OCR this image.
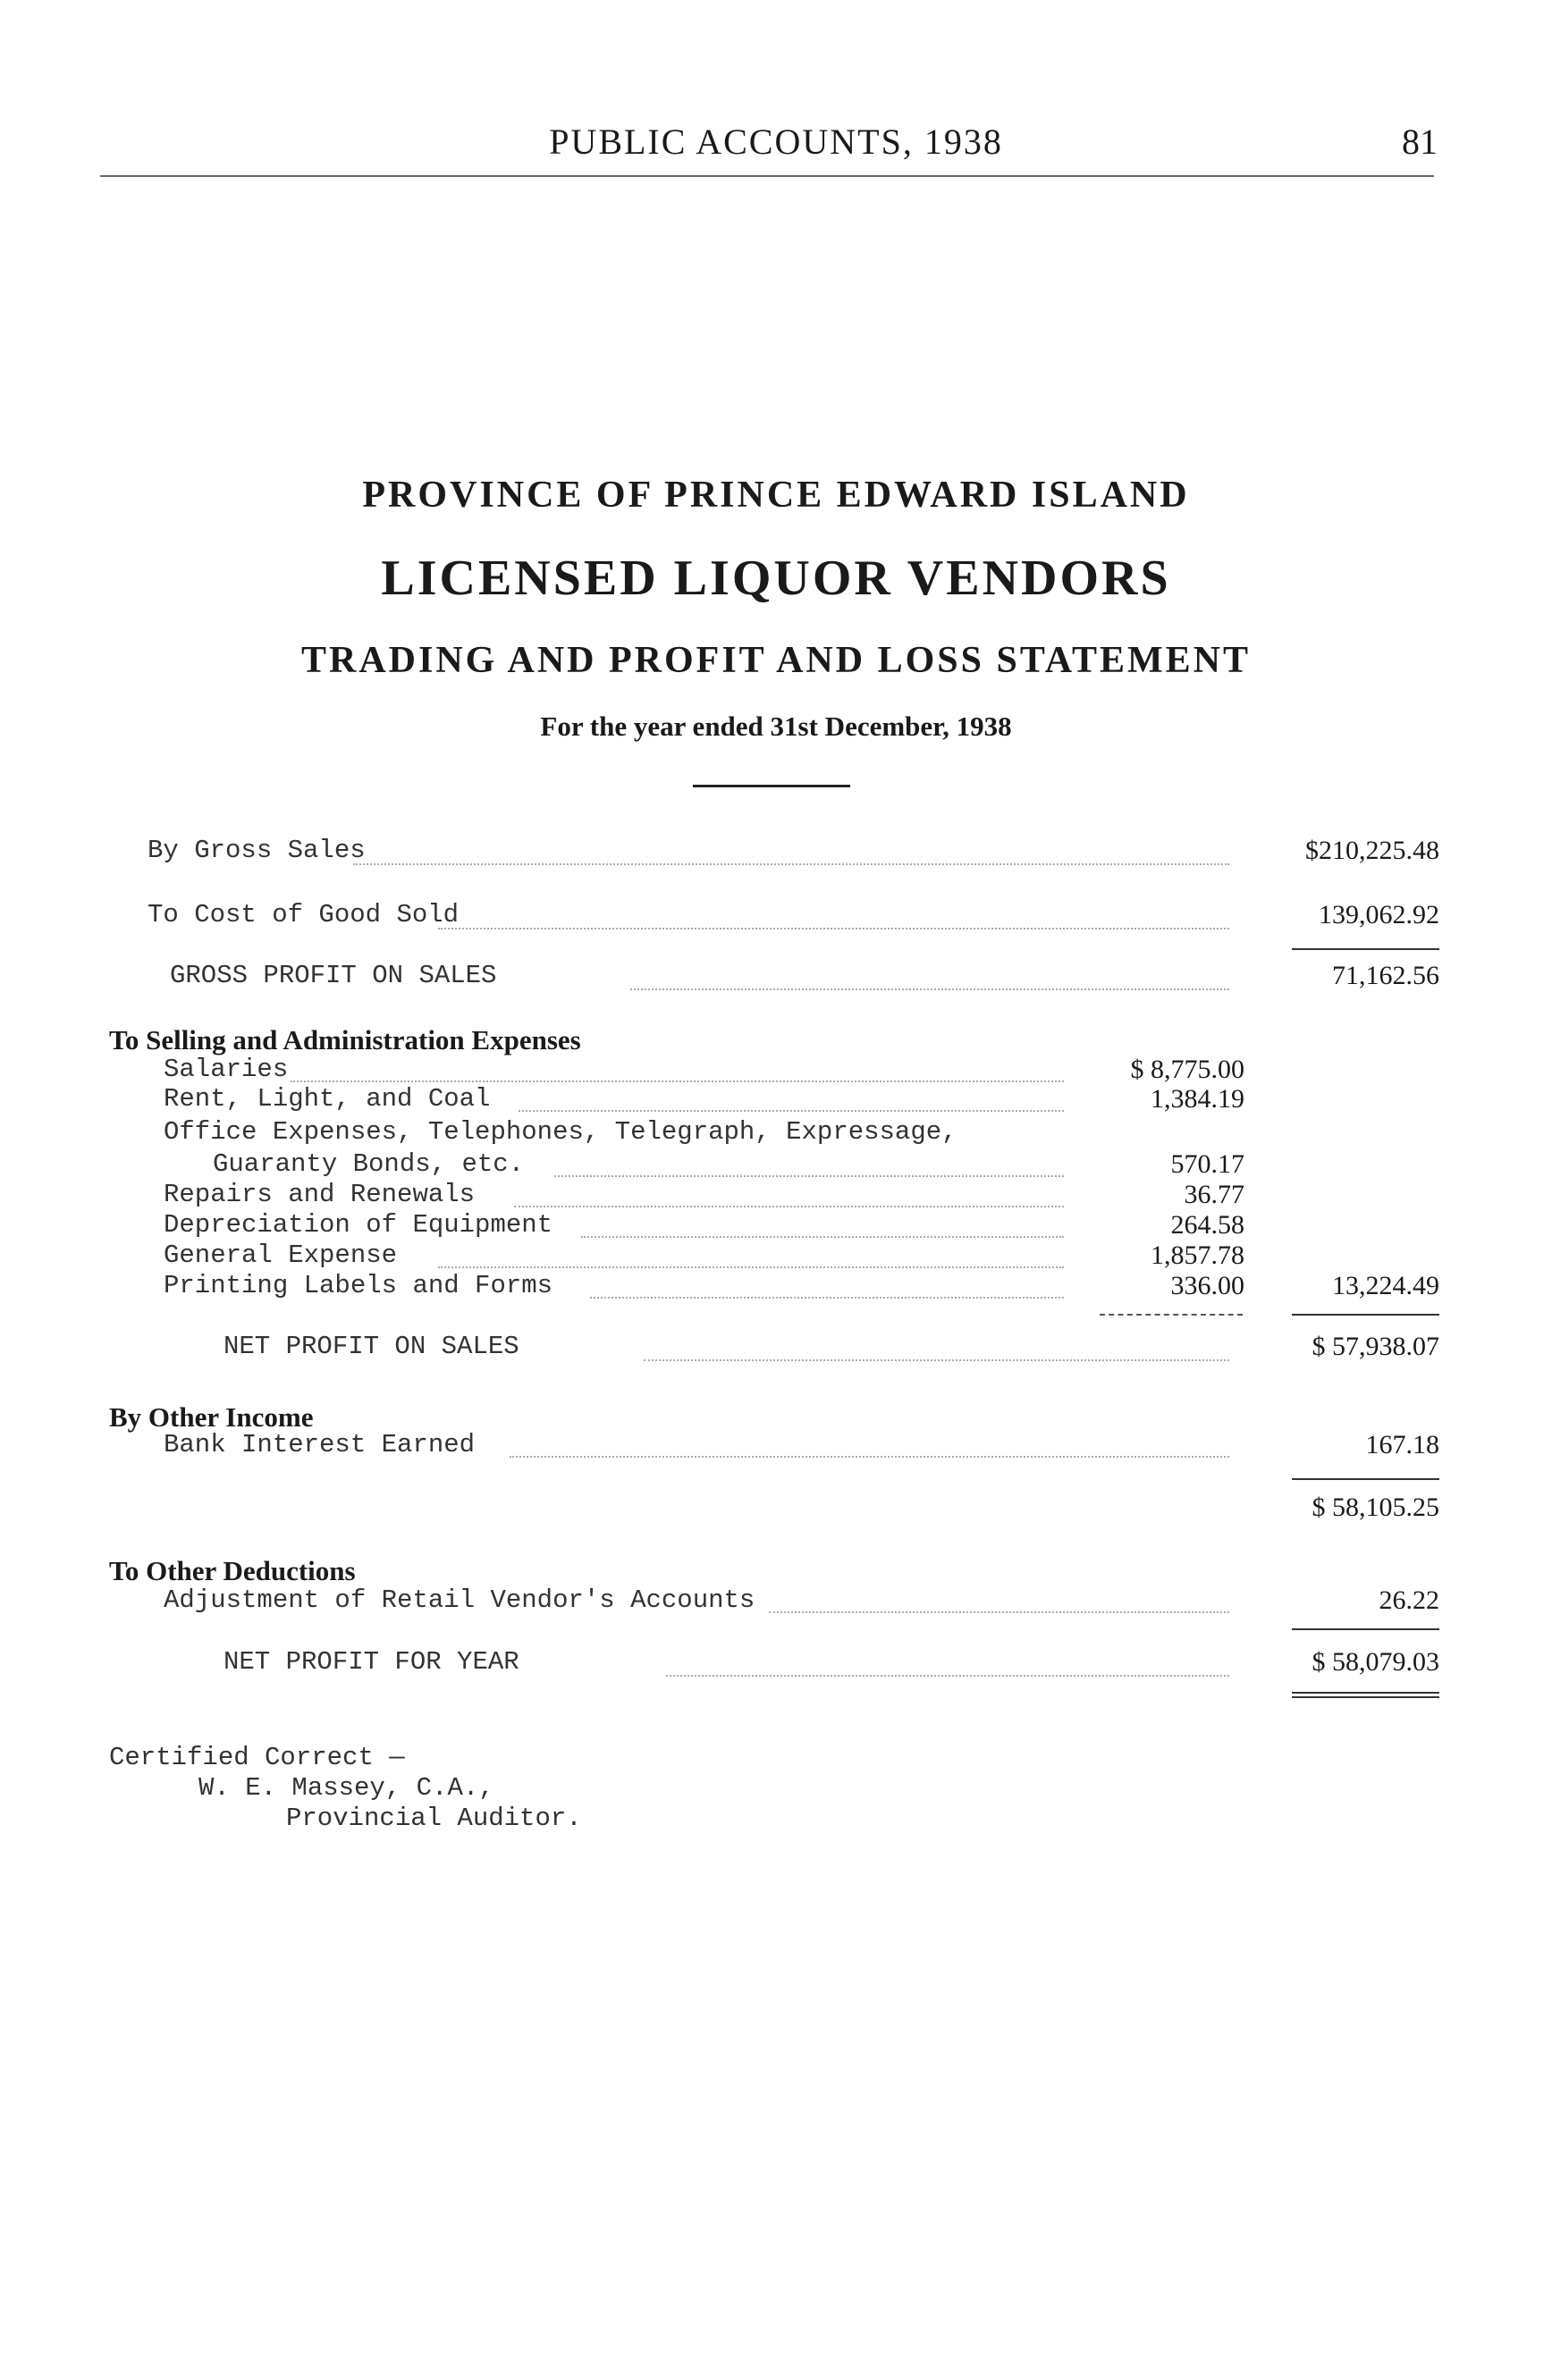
PUBLIC ACCOUNTS, 1938	81
PROVINCE OF PRINCE EDWARD ISLAND
LICENSED LIQUOR VENDORS
TRADING AND PROFIT AND LOSS STATEMENT
For the year ended 31st December, 1938
By Gross Sales	$210,225.48
To Cost of Good Sold	139,062.92
GROSS PROFIT ON SALES	71,162.56
To Selling and Administration Expenses
Salaries	$ 8,775.00
Rent, Light, and Coal	1,384.19
Office Expenses, Telephones, Telegraph, Expressage,
Guaranty Bonds, etc.	570.17
Repairs and Renewals	36.77
Depreciation of Equipment	264.58
General Expense	1,857.78
Printing Labels and Forms	336.00	13,224.49
NET PROFIT ON SALES	$ 57,938.07
By Other Income
Bank Interest Earned	167.18
$ 58,105.25
To Other Deductions
Adjustment of Retail Vendor's Accounts	26.22
NET PROFIT FOR YEAR	$ 58,079.03
Certified Correct —
W. E. Massey, C.A.,
Provincial Auditor.
